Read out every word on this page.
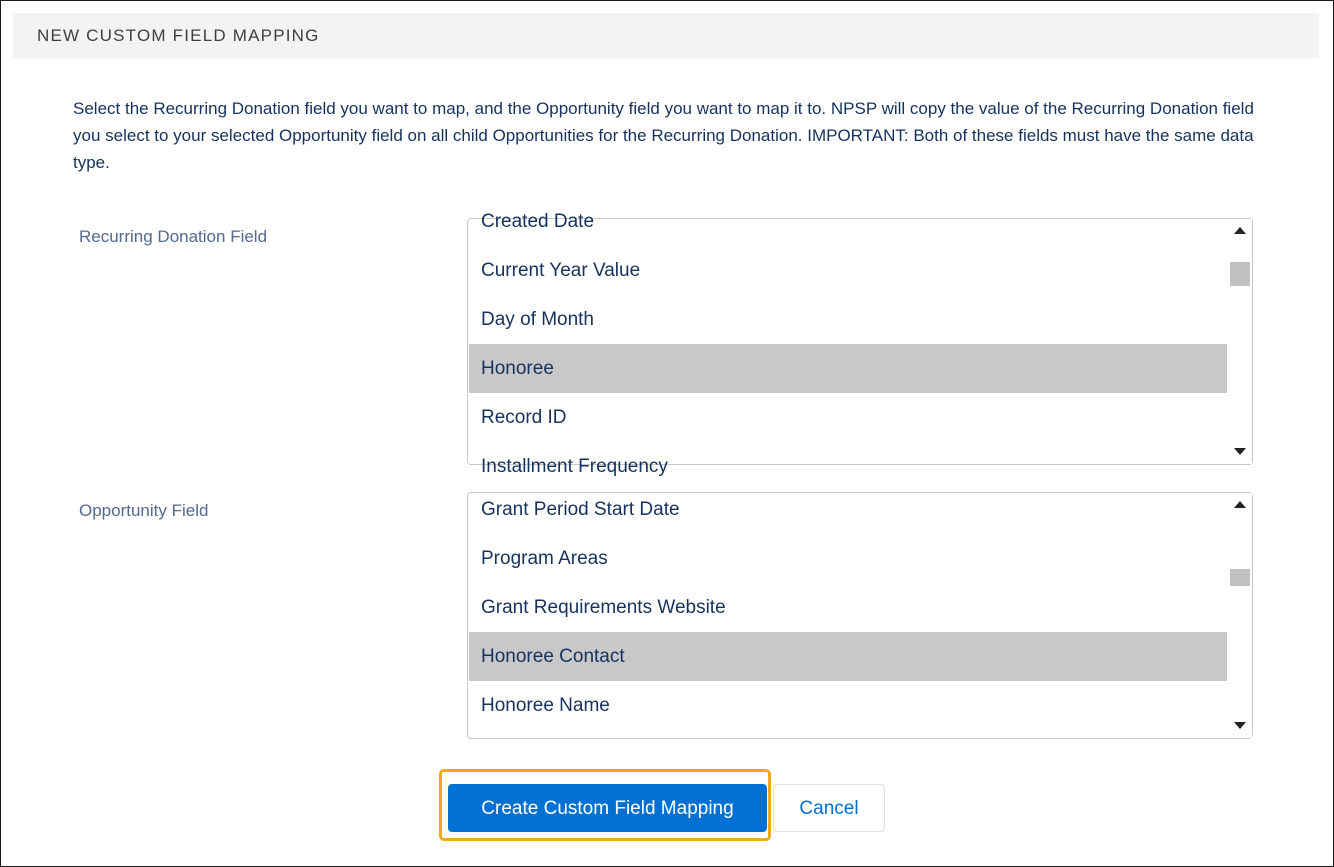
NEW CUSTOM FIELD MAPPING
Select the Recurring Donation field you want to map, and the Opportunity field you want to map it to. NPSP will copy the value of the Recurring Donation field you select to your selected Opportunity field on all child Opportunities for the Recurring Donation. IMPORTANT: Both of these fields must have the same data type.
Recurring Donation Field
Created Date
Current Year Value
Day of Month
Honoree
Record ID
Installment Frequency
Opportunity Field	Grant Period Start Date
Program Areas
Grant Requirements Website
Honoree Contact
Honoree Name
Create Custom Field Mapping	Cancel
